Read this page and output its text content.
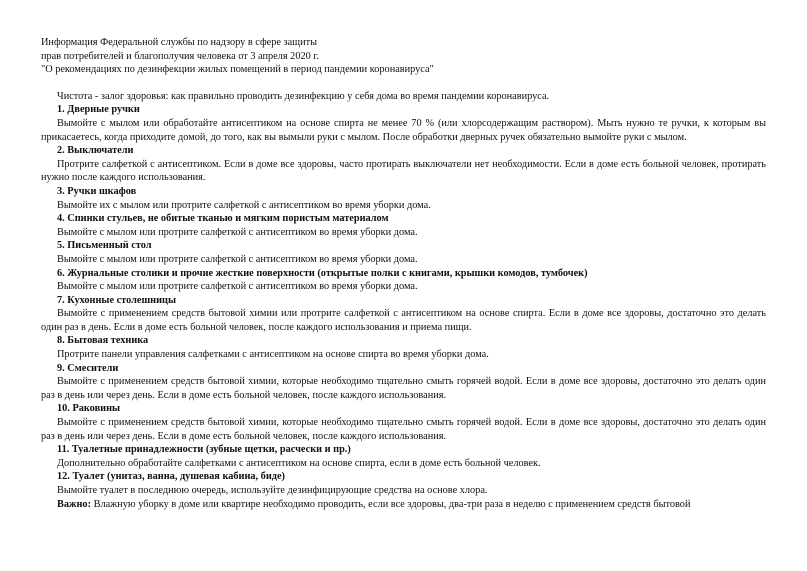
Информация Федеральной службы по надзору в сфере защиты
прав потребителей и благополучия человека от 3 апреля 2020 г.
"О рекомендациях по дезинфекции жилых помещений в период пандемии коронавируса"
Чистота - залог здоровья: как правильно проводить дезинфекцию у себя дома во время пандемии коронавируса.
1. Дверные ручки
Вымойте с мылом или обработайте антисептиком на основе спирта не менее 70 % (или хлорсодержащим раствором). Мыть нужно те ручки, к которым вы прикасаетесь, когда приходите домой, до того, как вы вымыли руки с мылом. После обработки дверных ручек обязательно вымойте руки с мылом.
2. Выключатели
Протрите салфеткой с антисептиком. Если в доме все здоровы, часто протирать выключатели нет необходимости. Если в доме есть больной человек, протирать нужно после каждого использования.
3. Ручки шкафов
Вымойте их с мылом или протрите салфеткой с антисептиком во время уборки дома.
4. Спинки стульев, не обитые тканью и мягким пористым материалом
Вымойте с мылом или протрите салфеткой с антисептиком во время уборки дома.
5. Письменный стол
Вымойте с мылом или протрите салфеткой с антисептиком во время уборки дома.
6. Журнальные столики и прочие жесткие поверхности (открытые полки с книгами, крышки комодов, тумбочек)
Вымойте с мылом или протрите салфеткой с антисептиком во время уборки дома.
7. Кухонные столешницы
Вымойте с применением средств бытовой химии или протрите салфеткой с антисептиком на основе спирта. Если в доме все здоровы, достаточно это делать один раз в день. Если в доме есть больной человек, после каждого использования и приема пищи.
8. Бытовая техника
Протрите панели управления салфетками с антисептиком на основе спирта во время уборки дома.
9. Смесители
Вымойте с применением средств бытовой химии, которые необходимо тщательно смыть горячей водой. Если в доме все здоровы, достаточно это делать один раз в день или через день. Если в доме есть больной человек, после каждого использования.
10. Раковины
Вымойте с применением средств бытовой химии, которые необходимо тщательно смыть горячей водой. Если в доме все здоровы, достаточно это делать один раз в день или через день. Если в доме есть больной человек, после каждого использования.
11. Туалетные принадлежности (зубные щетки, расчески и пр.)
Дополнительно обработайте салфетками с антисептиком на основе спирта, если в доме есть больной человек.
12. Туалет (унитаз, ванна, душевая кабина, биде)
Вымойте туалет в последнюю очередь, используйте дезинфицирующие средства на основе хлора.
Важно: Влажную уборку в доме или квартире необходимо проводить, если все здоровы, два-три раза в неделю с применением средств бытовой
